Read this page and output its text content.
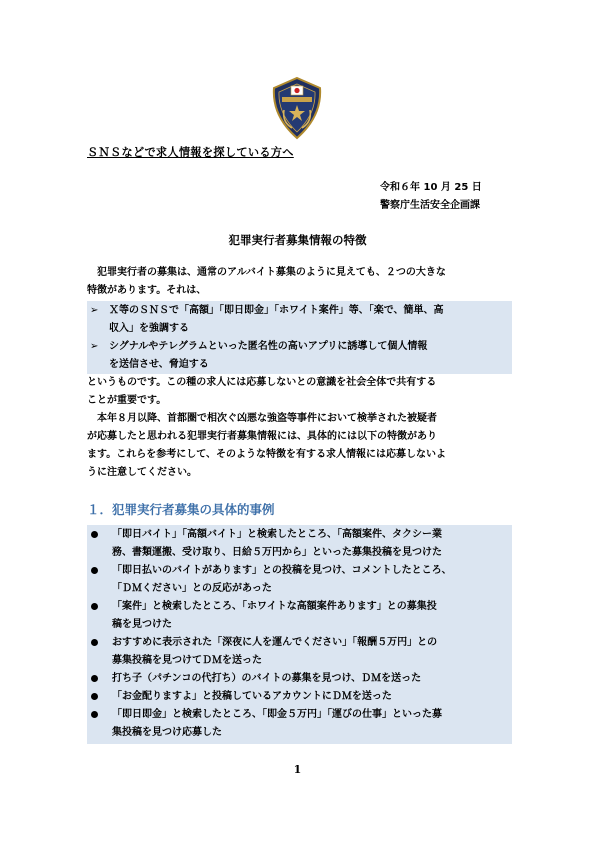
ＳＮＳなどで求人情報を探している方へ
令和６年 10 月 25 日
警察庁生活安全企画課
犯罪実行者募集情報の特徴
　犯罪実行者の募集は、通常のアルバイト募集のように見えても、２つの大きな
特徴があります。それは、
➢	Ｘ等のＳＮＳで「高額」「即日即金」「ホワイト案件」等、「楽で、簡単、高
収入」を強調する
➢	シグナルやテレグラムといった匿名性の高いアプリに誘導して個人情報
を送信させ、脅迫する
というものです。この種の求人には応募しないとの意識を社会全体で共有する
ことが重要です。
　本年８月以降、首都圏で相次ぐ凶悪な強盗等事件において検挙された被疑者
が応募したと思われる犯罪実行者募集情報には、具体的には以下の特徴があり
ます。これらを参考にして、そのような特徴を有する求人情報には応募しないよ
うに注意してください。
１．犯罪実行者募集の具体的事例
「即日バイト」「高額バイト」と検索したところ、「高額案件、タクシー業
務、書類運搬、受け取り、日給５万円から」といった募集投稿を見つけた
「即日払いのバイトがあります」との投稿を見つけ、コメントしたところ、
「ＤＭください」との反応があった
「案件」と検索したところ、「ホワイトな高額案件あります」との募集投
稿を見つけた
おすすめに表示された「深夜に人を運んでください」「報酬５万円」との
募集投稿を見つけてＤＭを送った
打ち子（パチンコの代打ち）のバイトの募集を見つけ、ＤＭを送った
「お金配りますよ」と投稿しているアカウントにＤＭを送った
「即日即金」と検索したところ、「即金５万円」「運びの仕事」といった募
集投稿を見つけ応募した
1
